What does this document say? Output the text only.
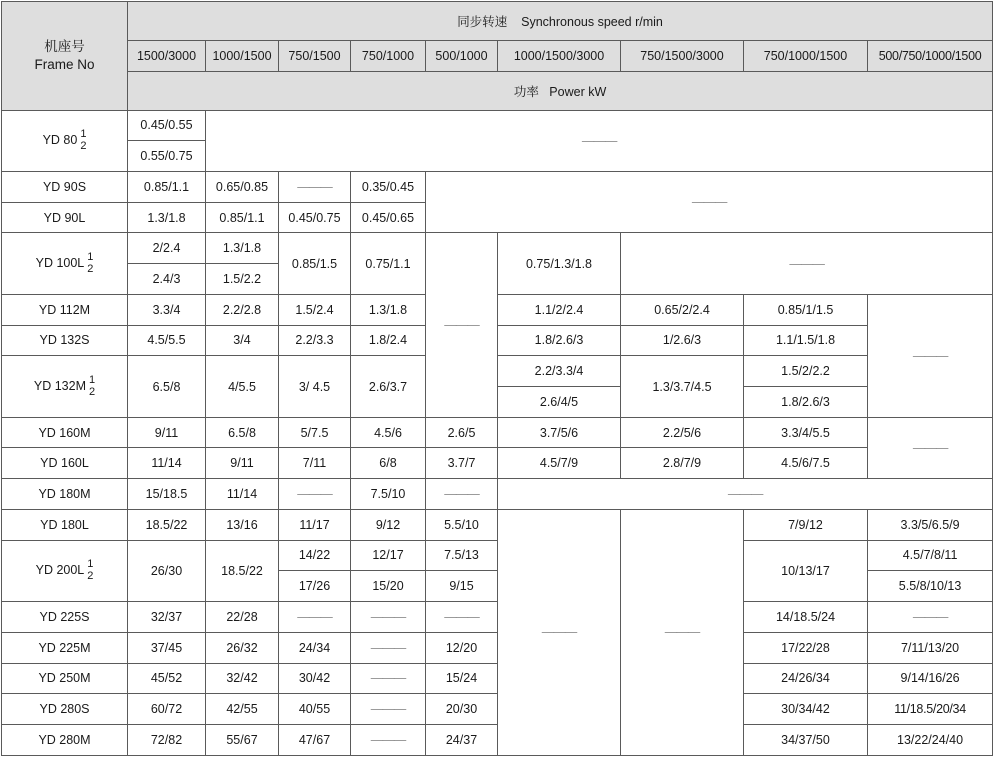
机座号
Frame No	同步转速 Synchronous speed r/min								
	1500/3000	1000/1500	750/1500	750/1000	500/1000	1000/1500/3000	750/1500/3000	750/1000/1500	500/750/1000/1500
	功率 Power kW								
YD 80 1
2	0.45/0.55	———							
	0.55/0.75								
YD 90S	0.85/1.1	0.65/0.85	———	0.35/0.45	———				
YD 90L	1.3/1.8	0.85/1.1	0.45/0.75	0.45/0.65					
YD 100L 1
2	2/2.4	1.3/1.8	0.85/1.5	0.75/1.1	———	0.75/1.3/1.8	———		
	2.4/3	1.5/2.2							
YD 112M	3.3/4	2.2/2.8	1.5/2.4	1.3/1.8		1.1/2/2.4	0.65/2/2.4	0.85/1/1.5	———
YD 132S	4.5/5.5	3/4	2.2/3.3	1.8/2.4		1.8/2.6/3	1/2.6/3	1.1/1.5/1.8	
YD 132M 1
2	6.5/8	4/5.5	3/ 4.5	2.6/3.7		2.2/3.3/4	1.3/3.7/4.5	1.5/2/2.2	
						2.6/4/5		1.8/2.6/3	
YD 160M	9/11	6.5/8	5/7.5	4.5/6	2.6/5	3.7/5/6	2.2/5/6	3.3/4/5.5	———
YD 160L	11/14	9/11	7/11	6/8	3.7/7	4.5/7/9	2.8/7/9	4.5/6/7.5	
YD 180M	15/18.5	11/14	———	7.5/10	———	———			
YD 180L	18.5/22	13/16	11/17	9/12	5.5/10	———	———	7/9/12	3.3/5/6.5/9
YD 200L 1
2	26/30	18.5/22	14/22	12/17	7.5/13			10/13/17	4.5/7/8/11
			17/26	15/20	9/15				5.5/8/10/13
YD 225S	32/37	22/28	———	———	———			14/18.5/24	———
YD 225M	37/45	26/32	24/34	———	12/20			17/22/28	7/11/13/20
YD 250M	45/52	32/42	30/42	———	15/24			24/26/34	9/14/16/26
YD 280S	60/72	42/55	40/55	———	20/30			30/34/42	11/18.5/20/34
YD 280M	72/82	55/67	47/67	———	24/37			34/37/50	13/22/24/40
